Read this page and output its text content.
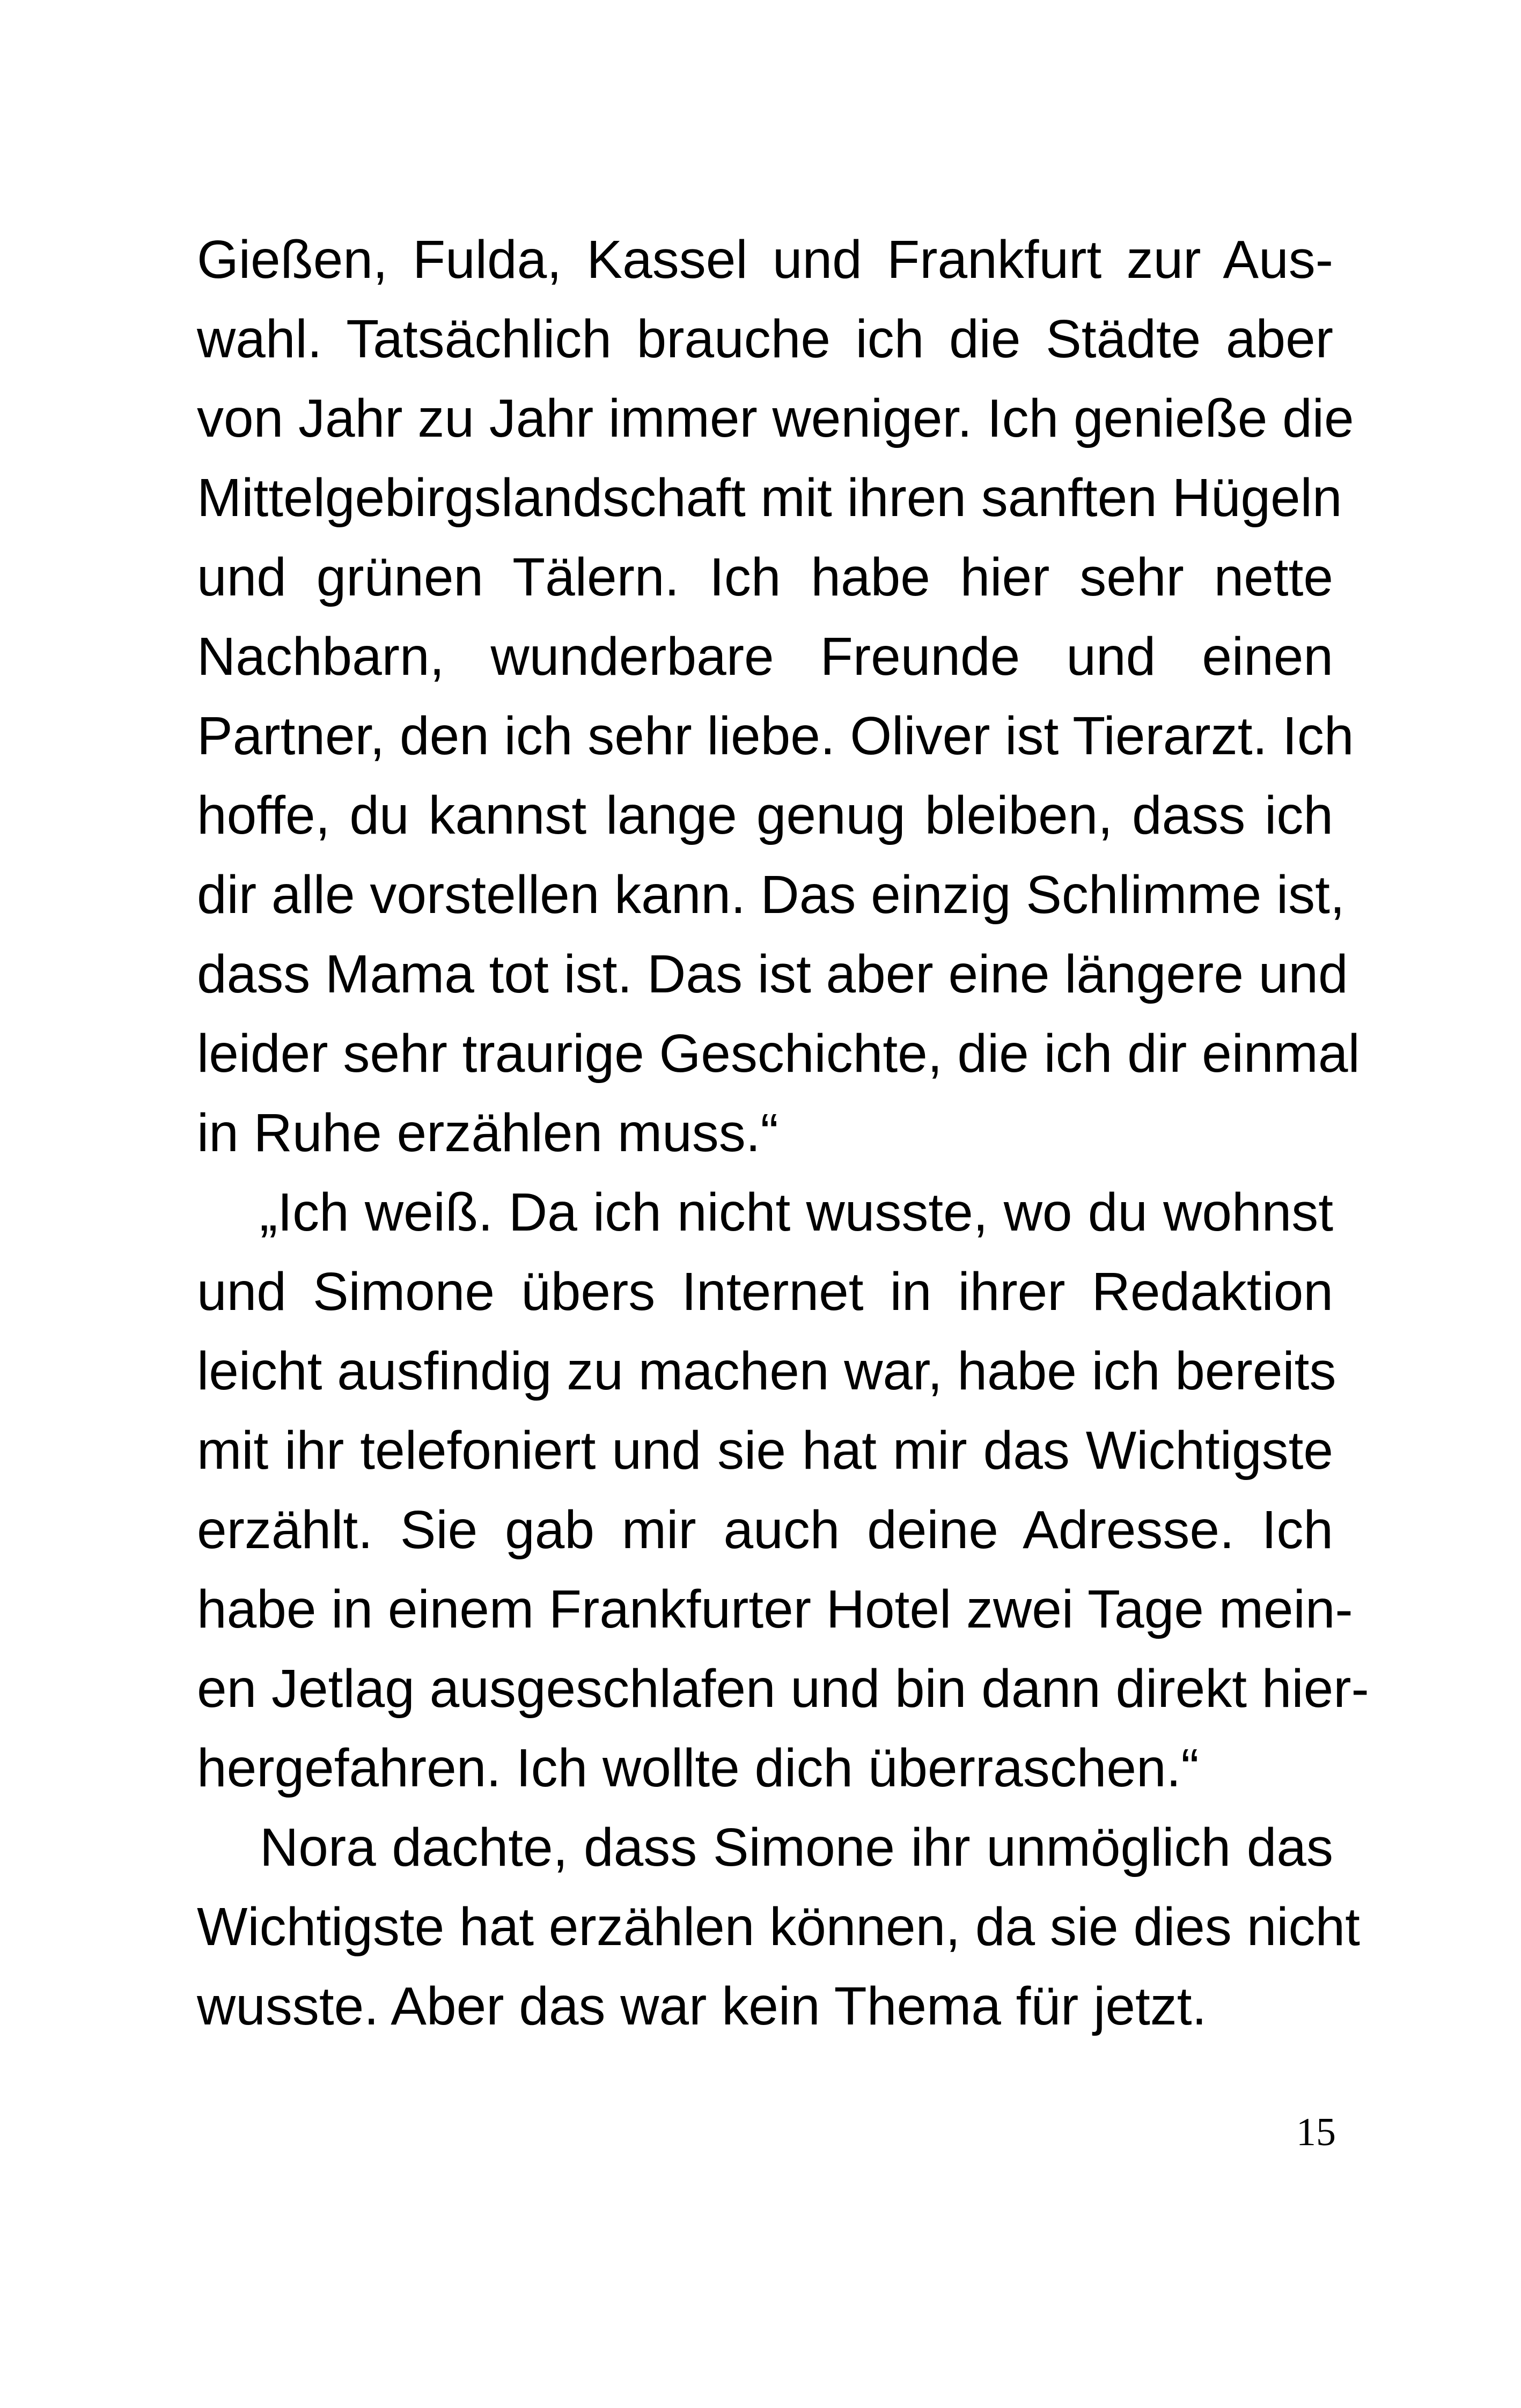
Gießen, Fulda, Kassel und Frankfurt zur Aus-
wahl. Tatsächlich brauche ich die Städte aber
von Jahr zu Jahr immer weniger. Ich genieße die
Mittelgebirgslandschaft mit ihren sanften Hügeln
und grünen Tälern. Ich habe hier sehr nette
Nachbarn, wunderbare Freunde und einen
Partner, den ich sehr liebe. Oliver ist Tierarzt. Ich
hoffe, du kannst lange genug bleiben, dass ich
dir alle vorstellen kann. Das einzig Schlimme ist,
dass Mama tot ist. Das ist aber eine längere und
leider sehr traurige Geschichte, die ich dir einmal
in Ruhe erzählen muss.“
„Ich weiß. Da ich nicht wusste, wo du wohnst
und Simone übers Internet in ihrer Redaktion
leicht ausfindig zu machen war, habe ich bereits
mit ihr telefoniert und sie hat mir das Wichtigste
erzählt. Sie gab mir auch deine Adresse. Ich
habe in einem Frankfurter Hotel zwei Tage mein-
en Jetlag ausgeschlafen und bin dann direkt hier-
hergefahren. Ich wollte dich überraschen.“
Nora dachte, dass Simone ihr unmöglich das
Wichtigste hat erzählen können, da sie dies nicht
wusste. Aber das war kein Thema für jetzt.
15
